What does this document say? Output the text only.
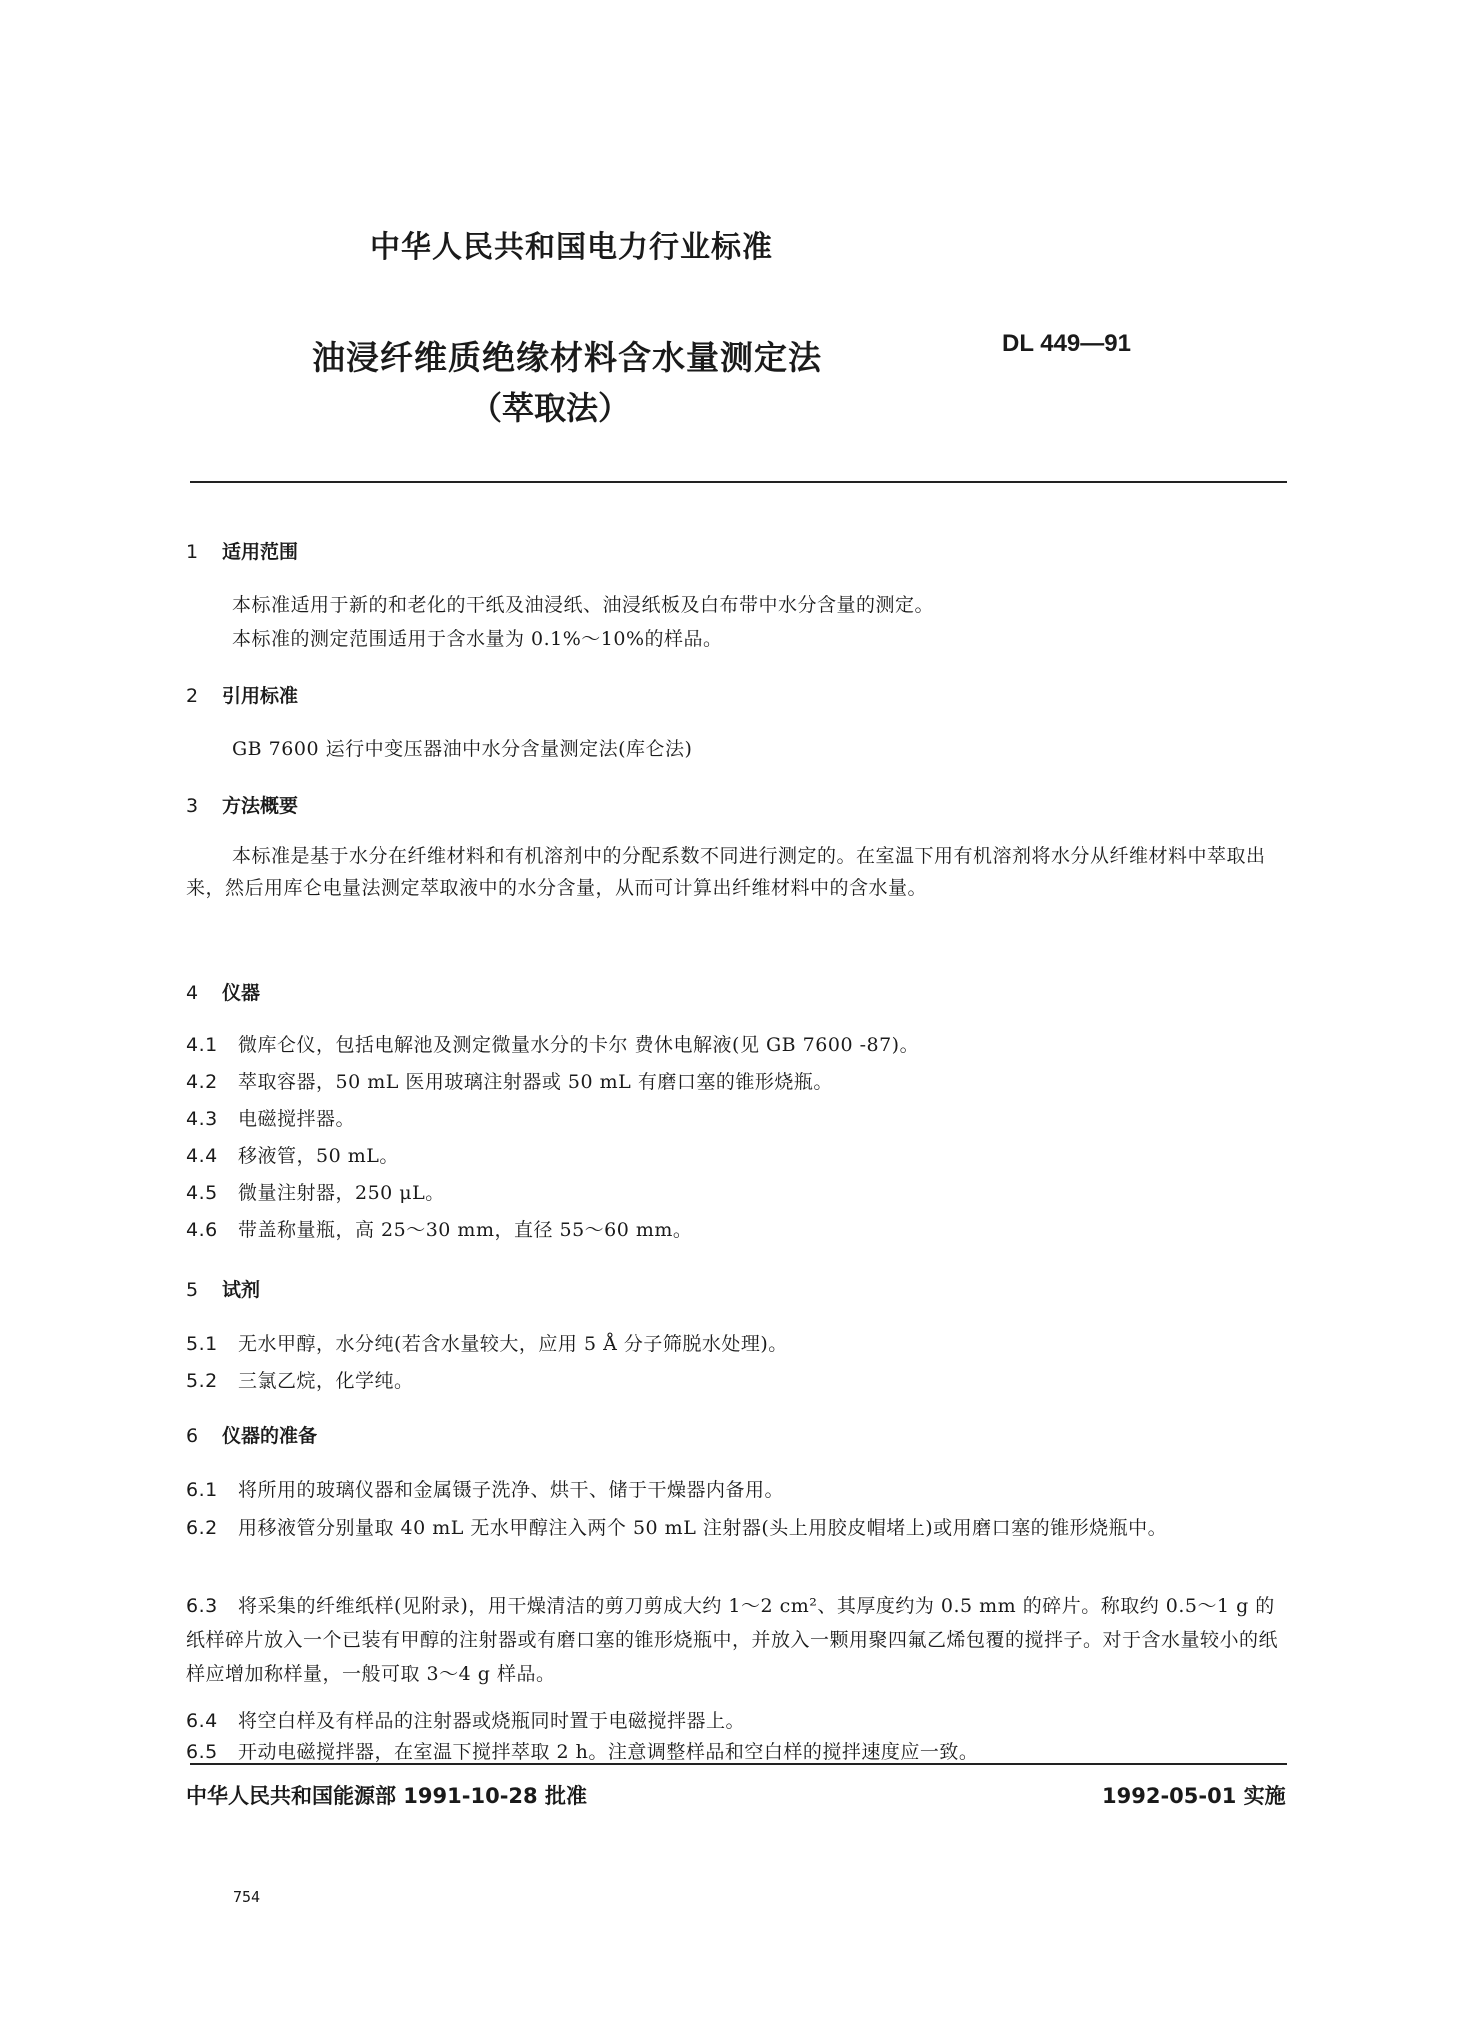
中华人民共和国电力行业标准
油浸纤维质绝缘材料含水量测定法
（萃取法）
DL 449—91
1 适用范围
本标准适用于新的和老化的干纸及油浸纸、油浸纸板及白布带中水分含量的测定。
本标准的测定范围适用于含水量为 0.1%～10%的样品。
2 引用标准
GB 7600 运行中变压器油中水分含量测定法(库仑法)
3 方法概要
本标准是基于水分在纤维材料和有机溶剂中的分配系数不同进行测定的。在室温下用有机溶剂将水分从纤维材料中萃取出来，然后用库仑电量法测定萃取液中的水分含量，从而可计算出纤维材料中的含水量。
4 仪器
4.1 微库仑仪，包括电解池及测定微量水分的卡尔 费休电解液(见 GB 7600 -87)。
4.2 萃取容器，50 mL 医用玻璃注射器或 50 mL 有磨口塞的锥形烧瓶。
4.3 电磁搅拌器。
4.4 移液管，50 mL。
4.5 微量注射器，250 μL。
4.6 带盖称量瓶，高 25～30 mm，直径 55～60 mm。
5 试剂
5.1 无水甲醇，水分纯(若含水量较大，应用 5 Å 分子筛脱水处理)。
5.2 三氯乙烷，化学纯。
6 仪器的准备
6.1 将所用的玻璃仪器和金属镊子洗净、烘干、储于干燥器内备用。
6.2 用移液管分别量取 40 mL 无水甲醇注入两个 50 mL 注射器(头上用胶皮帽堵上)或用磨口塞的锥形烧瓶中。
6.3 将采集的纤维纸样(见附录)，用干燥清洁的剪刀剪成大约 1～2 cm²、其厚度约为 0.5 mm 的碎片。称取约 0.5～1 g 的纸样碎片放入一个已装有甲醇的注射器或有磨口塞的锥形烧瓶中，并放入一颗用聚四氟乙烯包覆的搅拌子。对于含水量较小的纸样应增加称样量，一般可取 3～4 g 样品。
6.4 将空白样及有样品的注射器或烧瓶同时置于电磁搅拌器上。
6.5 开动电磁搅拌器，在室温下搅拌萃取 2 h。注意调整样品和空白样的搅拌速度应一致。
中华人民共和国能源部 1991-10-28 批准	1992-05-01 实施
754
